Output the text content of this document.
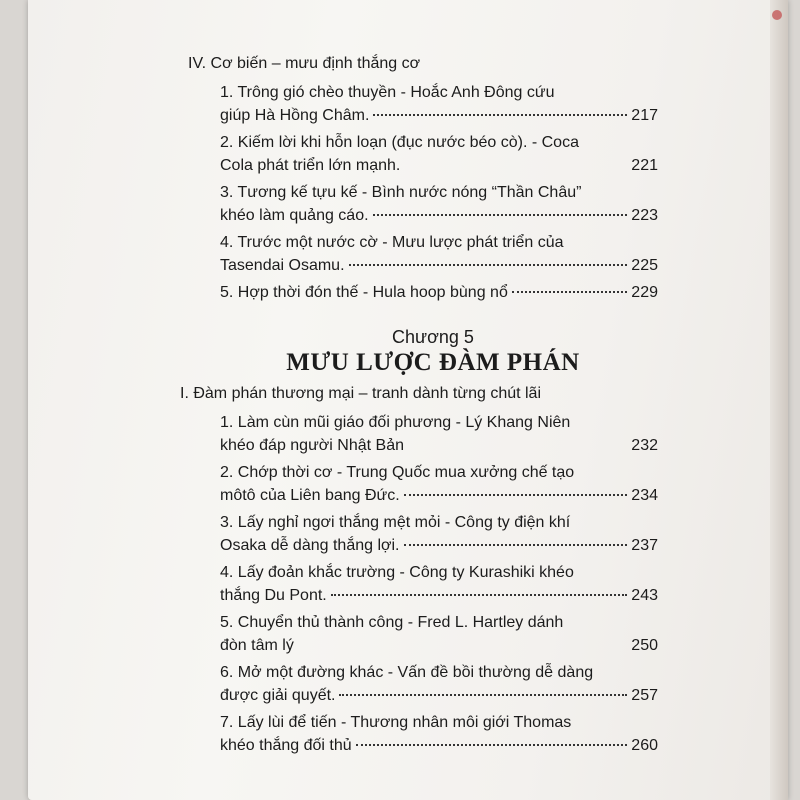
IV. Cơ biến – mưu định thắng cơ
1. Trông gió chèo thuyền - Hoắc Anh Đông cứu
giúp Hà Hồng Châm.	217
2. Kiếm lời khi hỗn loạn (đục nước béo cò). - Coca
Cola phát triển lớn mạnh.	221
3. Tương kế tựu kế - Bình nước nóng “Thần Châu”
khéo làm quảng cáo.	223
4. Trước một nước cờ - Mưu lược phát triển của
Tasendai Osamu.	225
5. Hợp thời đón thế - Hula hoop bùng nổ	229
Chương 5
MƯU LƯỢC ĐÀM PHÁN
I. Đàm phán thương mại – tranh dành từng chút lãi
1. Làm cùn mũi giáo đối phương - Lý Khang Niên
khéo đáp người Nhật Bản	232
2. Chớp thời cơ - Trung Quốc mua xưởng chế tạo
môtô của Liên bang Đức.	234
3. Lấy nghỉ ngơi thắng mệt mỏi - Công ty điện khí
Osaka dễ dàng thắng lợi.	237
4. Lấy đoản khắc trường - Công ty Kurashiki khéo
thắng Du Pont.	243
5. Chuyển thủ thành công - Fred L. Hartley dánh
đòn tâm lý	250
6. Mở một đường khác - Vấn đề bồi thường dễ dàng
được giải quyết.	257
7. Lấy lùi để tiến - Thương nhân môi giới Thomas
khéo thắng đối thủ	260
